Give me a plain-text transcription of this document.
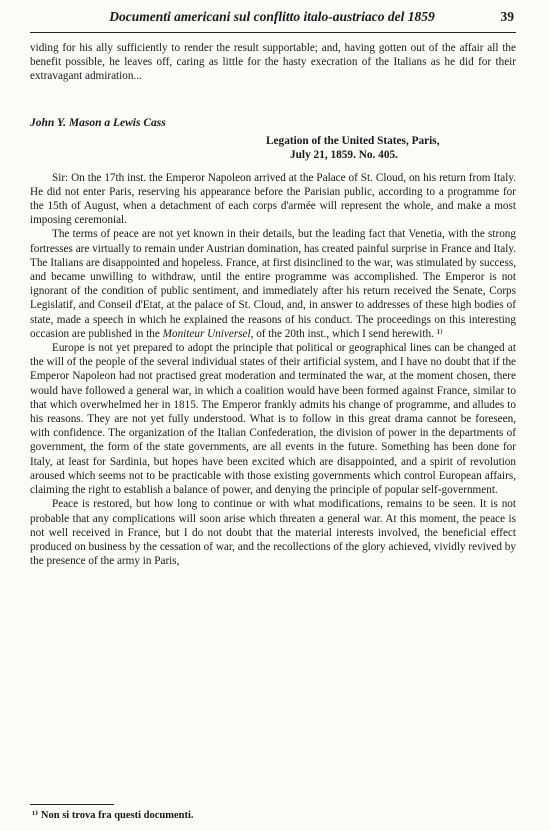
Documenti americani sul conflitto italo-austriaco del 1859	39

viding for his ally sufficiently to render the result supportable; and, having gotten out of the affair all the benefit possible, he leaves off, caring as little for the hasty execration of the Italians as he did for their extravagant admiration...

John Y. Mason a Lewis Cass
Legation of the United States, Paris,
July 21, 1859. No. 405.

Sir: On the 17th inst. the Emperor Napoleon arrived at the Palace of St. Cloud, on his return from Italy. He did not enter Paris, reserving his appearance before the Parisian public, according to a programme for the 15th of August, when a detachment of each corps d'armée will represent the whole, and make a most imposing ceremonial.

The terms of peace are not yet known in their details, but the leading fact that Venetia, with the strong fortresses are virtually to remain under Austrian domination, has created painful surprise in France and Italy. The Italians are disappointed and hopeless. France, at first disinclined to the war, was stimulated by success, and became unwilling to withdraw, until the entire programme was accomplished. The Emperor is not ignorant of the condition of public sentiment, and immediately after his return received the Senate, Corps Legislatif, and Conseil d'Etat, at the palace of St. Cloud, and, in answer to addresses of these high bodies of state, made a speech in which he explained the reasons of his conduct. The proceedings on this interesting occasion are published in the Moniteur Universel, of the 20th inst., which I send herewith. ¹⁾

Europe is not yet prepared to adopt the principle that political or geographical lines can be changed at the will of the people of the several individual states of their artificial system, and I have no doubt that if the Emperor Napoleon had not practised great moderation and terminated the war, at the moment chosen, there would have followed a general war, in which a coalition would have been formed against France, similar to that which overwhelmed her in 1815. The Emperor frankly admits his change of programme, and alludes to his reasons. They are not yet fully understood. What is to follow in this great drama cannot be foreseen, with confidence. The organization of the Italian Confederation, the division of power in the departments of government, the form of the state governments, are all events in the future. Something has been done for Italy, at least for Sardinia, but hopes have been excited which are disappointed, and a spirit of revolution aroused which seems not to be practicable with those existing governments which control European affairs, claiming the right to establish a balance of power, and denying the principle of popular self-government.

Peace is restored, but how long to continue or with what modifications, remains to be seen. It is not probable that any complications will soon arise which threaten a general war. At this moment, the peace is not well received in France, but I do not doubt that the material interests involved, the beneficial effect produced on business by the cessation of war, and the recollections of the glory achieved, vividly revived by the presence of the army in Paris,

¹⁾ Non si trova fra questi documenti.
